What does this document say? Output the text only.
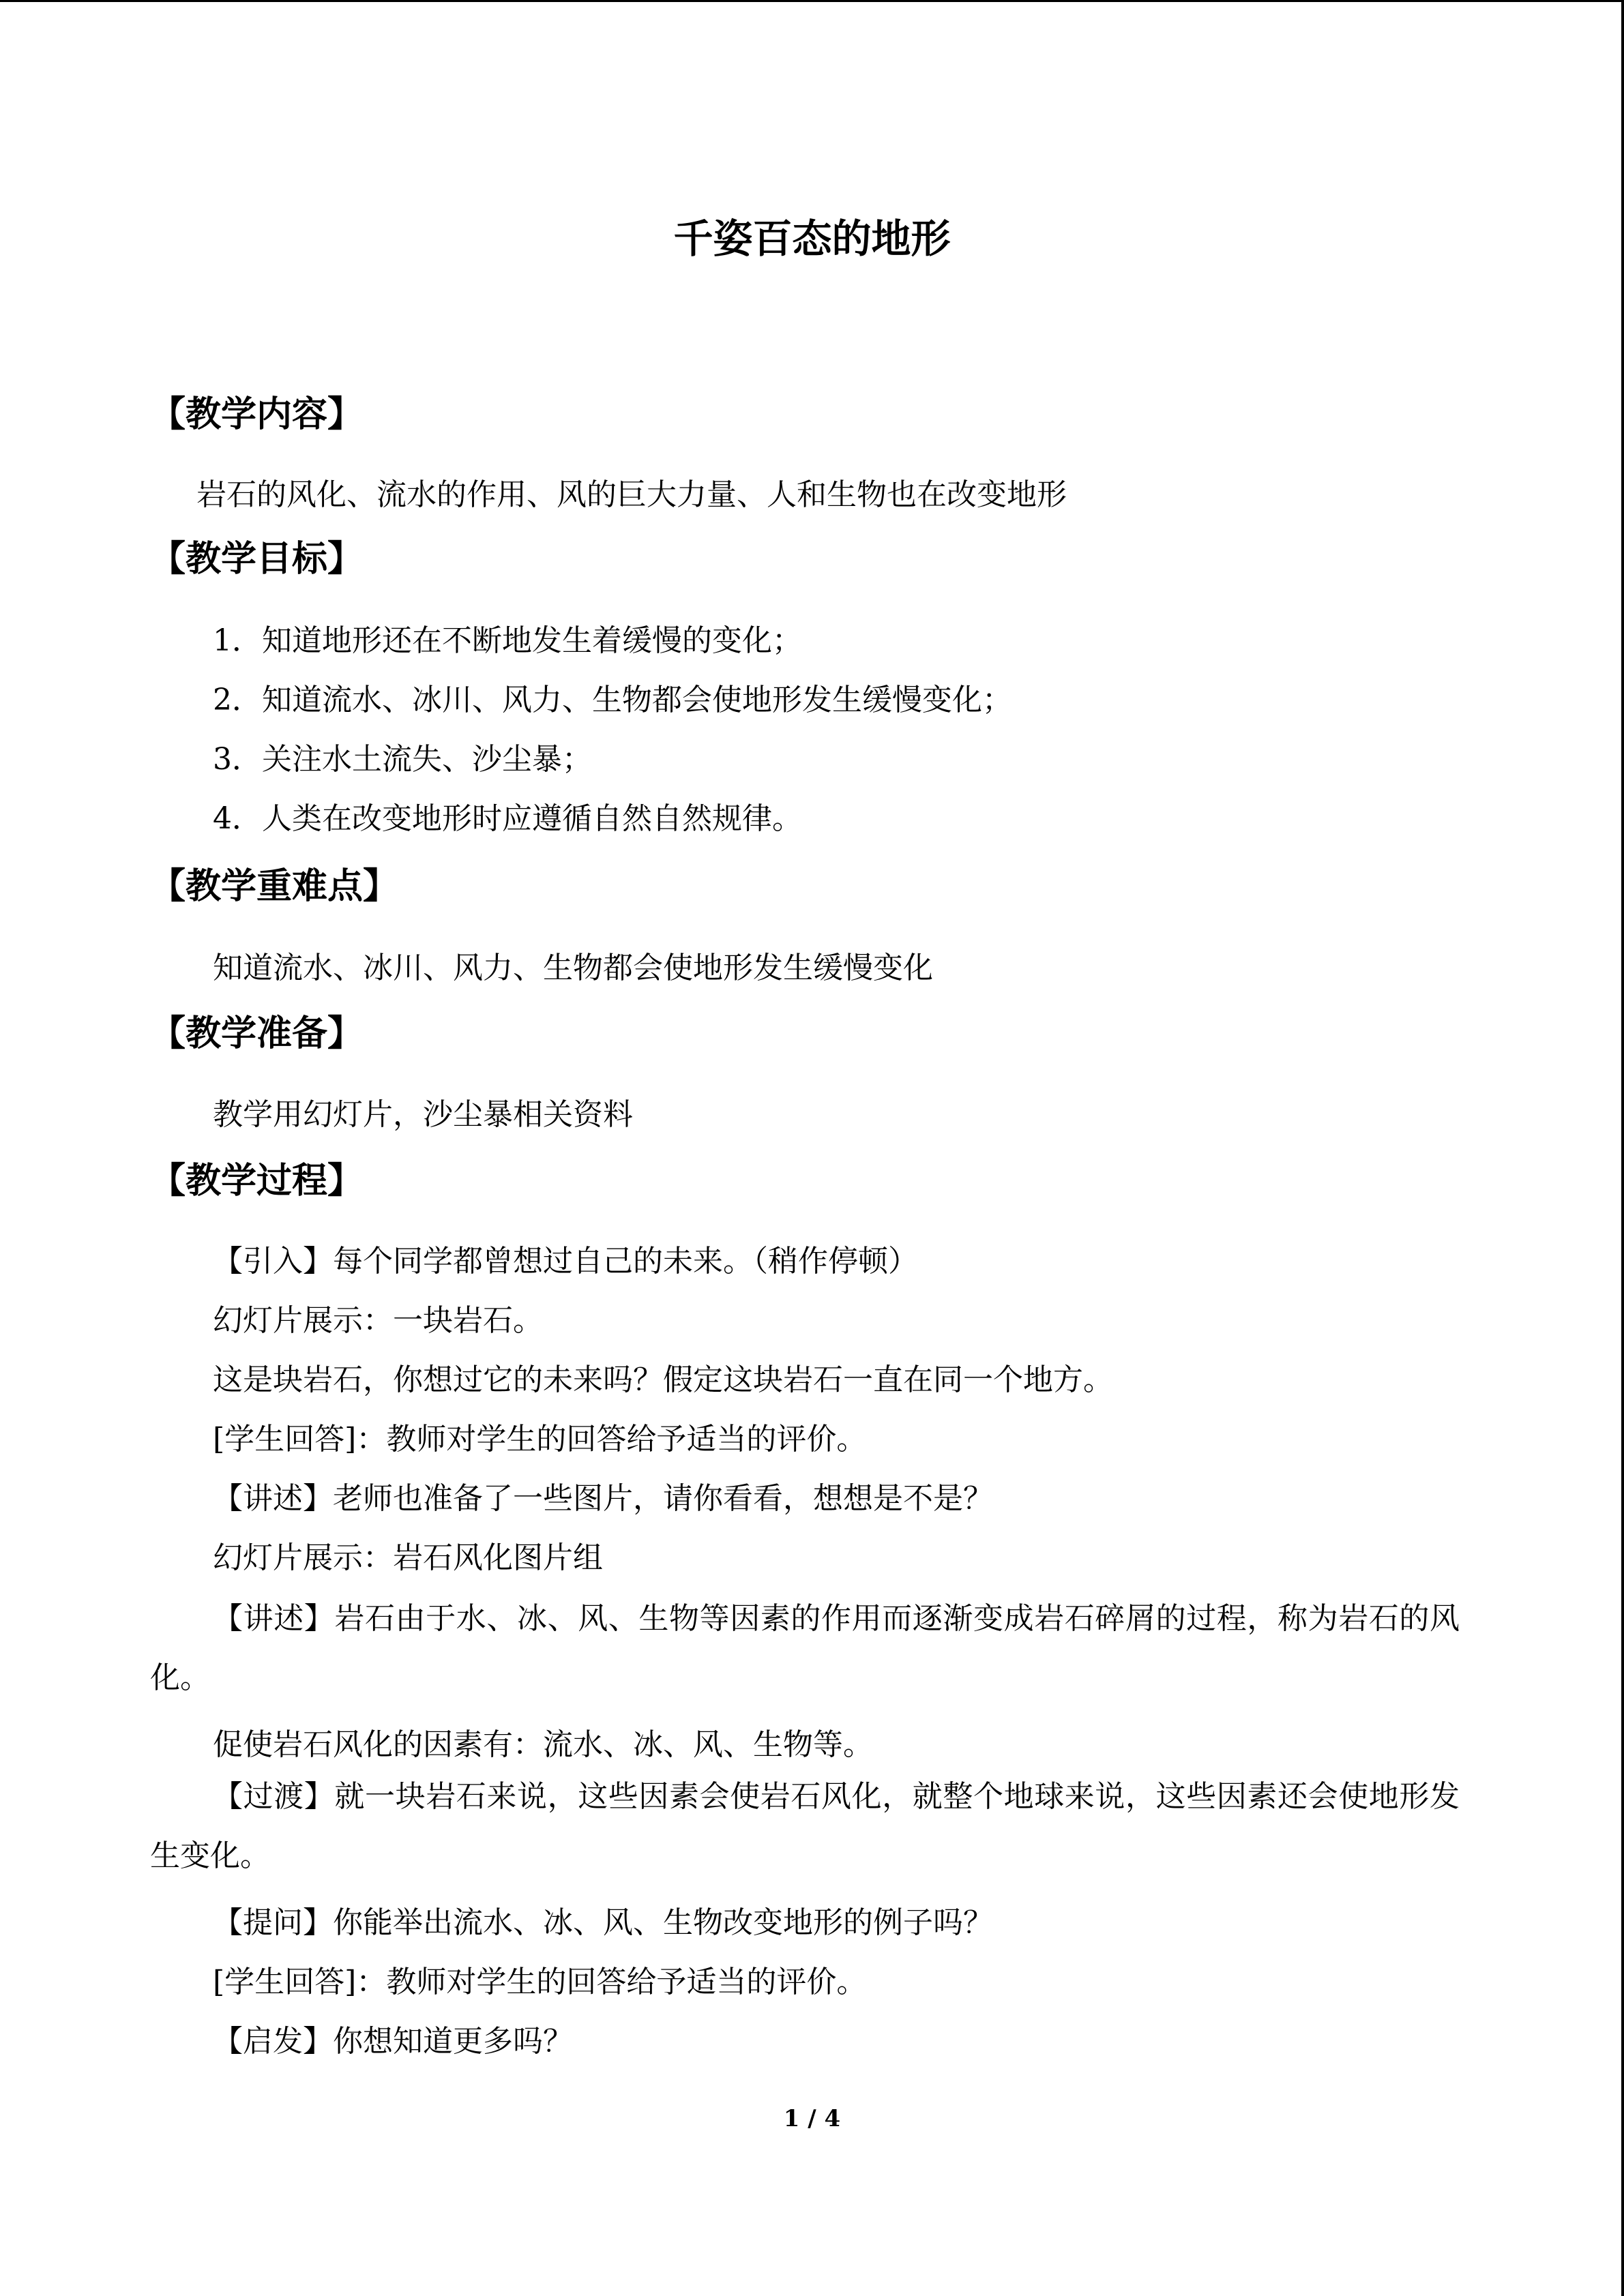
千姿百态的地形
【教学内容】
岩石的风化、流水的作用、风的巨大力量、人和生物也在改变地形
【教学目标】
1．知道地形还在不断地发生着缓慢的变化；
2．知道流水、冰川、风力、生物都会使地形发生缓慢变化；
3．关注水土流失、沙尘暴；
4．人类在改变地形时应遵循自然自然规律。
【教学重难点】
知道流水、冰川、风力、生物都会使地形发生缓慢变化
【教学准备】
教学用幻灯片，沙尘暴相关资料
【教学过程】
【引入】每个同学都曾想过自己的未来。（稍作停顿）
幻灯片展示：一块岩石。
这是块岩石，你想过它的未来吗？假定这块岩石一直在同一个地方。
[学生回答]：教师对学生的回答给予适当的评价。
【讲述】老师也准备了一些图片，请你看看，想想是不是？
幻灯片展示：岩石风化图片组
【讲述】岩石由于水、冰、风、生物等因素的作用而逐渐变成岩石碎屑的过程，称为岩石的风化。
促使岩石风化的因素有：流水、冰、风、生物等。
【过渡】就一块岩石来说，这些因素会使岩石风化，就整个地球来说，这些因素还会使地形发生变化。
【提问】你能举出流水、冰、风、生物改变地形的例子吗？
[学生回答]：教师对学生的回答给予适当的评价。
【启发】你想知道更多吗？
1 / 4
